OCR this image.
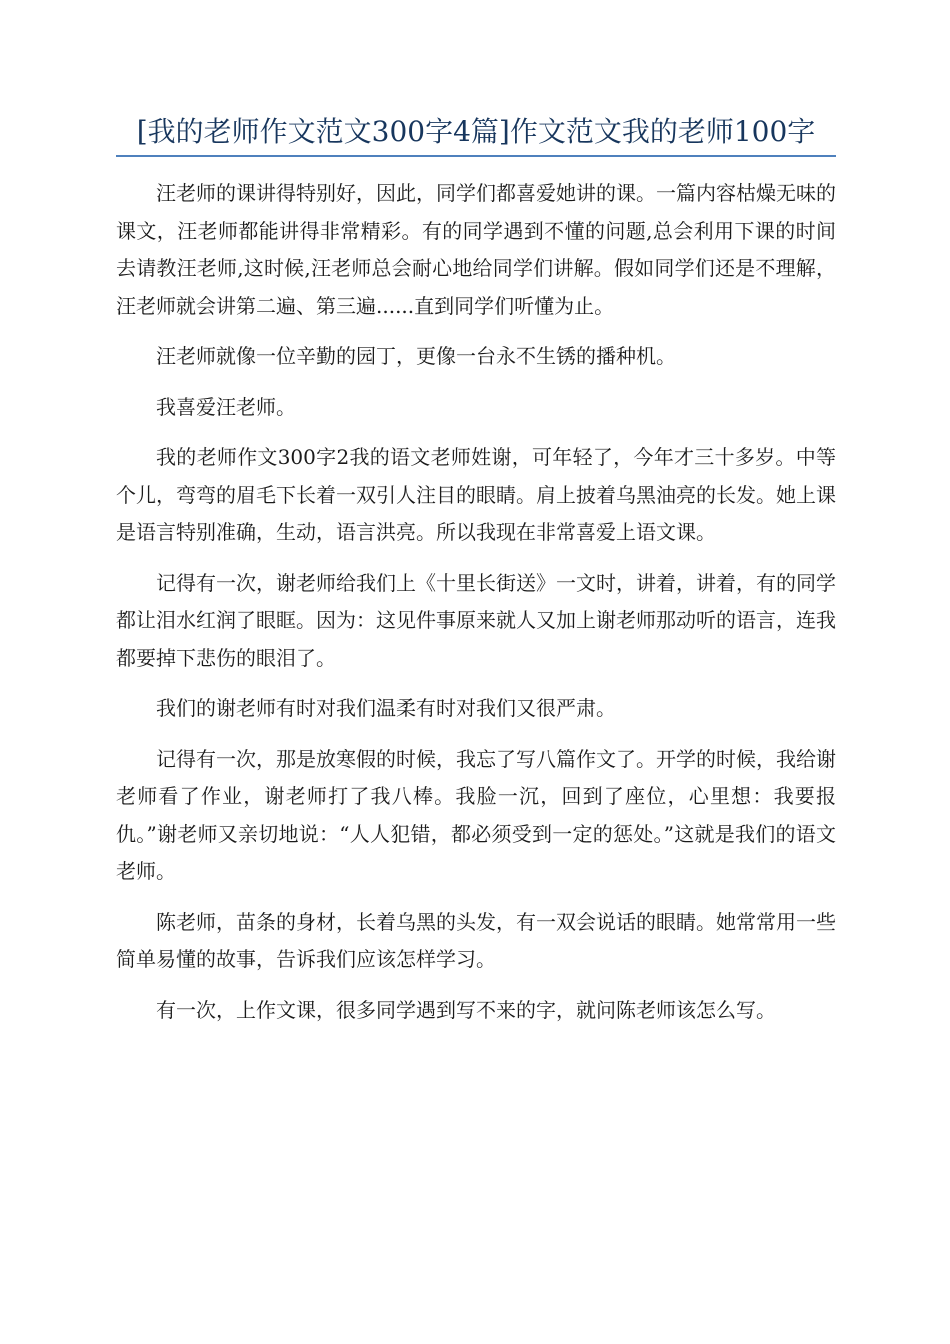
[我的老师作文范文300字4篇]作文范文我的老师100字

汪老师的课讲得特别好，因此，同学们都喜爱她讲的课。一篇内容枯燥无味的课文，汪老师都能讲得非常精彩。有的同学遇到不懂的问题,总会利用下课的时间去请教汪老师,这时候,汪老师总会耐心地给同学们讲解。假如同学们还是不理解，汪老师就会讲第二遍、第三遍......直到同学们听懂为止。

汪老师就像一位辛勤的园丁，更像一台永不生锈的播种机。

我喜爱汪老师。

我的老师作文300字2我的语文老师姓谢，可年轻了，今年才三十多岁。中等个儿，弯弯的眉毛下长着一双引人注目的眼睛。肩上披着乌黑油亮的长发。她上课是语言特别准确，生动，语言洪亮。所以我现在非常喜爱上语文课。

记得有一次，谢老师给我们上《十里长街送》一文时，讲着，讲着，有的同学都让泪水红润了眼眶。因为：这见件事原来就人又加上谢老师那动听的语言，连我都要掉下悲伤的眼泪了。

我们的谢老师有时对我们温柔有时对我们又很严肃。

记得有一次，那是放寒假的时候，我忘了写八篇作文了。开学的时候，我给谢老师看了作业，谢老师打了我八棒。我脸一沉，回到了座位，心里想：我要报仇。”谢老师又亲切地说：“人人犯错，都必须受到一定的惩处。”这就是我们的语文老师。

陈老师，苗条的身材，长着乌黑的头发，有一双会说话的眼睛。她常常用一些简单易懂的故事，告诉我们应该怎样学习。

有一次，上作文课，很多同学遇到写不来的字，就问陈老师该怎么写。
